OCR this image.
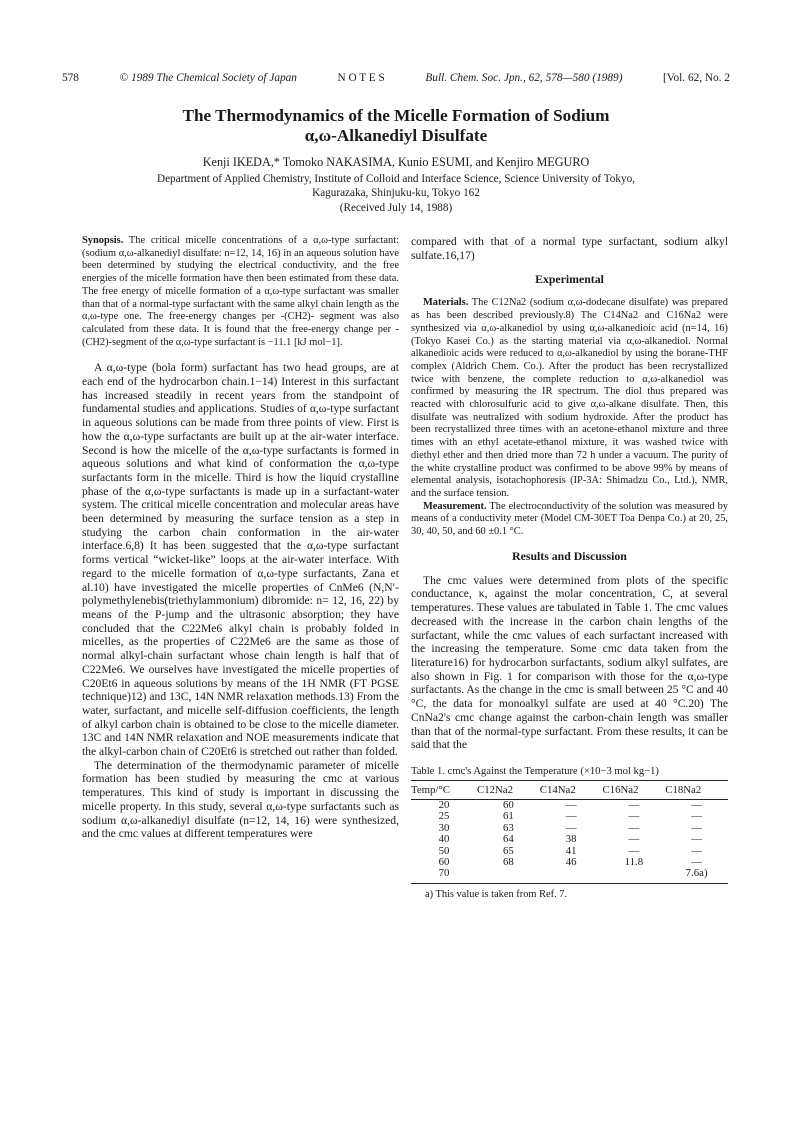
578	© 1989 The Chemical Society of Japan	N O T E S	Bull. Chem. Soc. Jpn., 62, 578—580 (1989)	[Vol. 62, No. 2
The Thermodynamics of the Micelle Formation of Sodium
α,ω-Alkanediyl Disulfate
Kenji IKEDA,* Tomoko NAKASIMA, Kunio ESUMI, and Kenjiro MEGURO
Department of Applied Chemistry, Institute of Colloid and Interface Science, Science University of Tokyo,
Kagurazaka, Shinjuku-ku, Tokyo 162
(Received July 14, 1988)

Synopsis. The critical micelle concentrations of a α,ω-type surfactant: (sodium α,ω-alkanediyl disulfate: n=12, 14, 16) in an aqueous solution have been determined by studying the electrical conductivity, and the free energies of the micelle formation have then been estimated from these data. The free energy of micelle formation of a α,ω-type surfactant was smaller than that of a normal-type surfactant with the same alkyl chain length as the α,ω-type one. The free-energy changes per -(CH2)- segment was also calculated from these data. It is found that the free-energy change per -(CH2)-segment of the α,ω-type surfactant is −11.1 [kJ mol−1].

A α,ω-type (bola form) surfactant has two head groups, are at each end of the hydrocarbon chain.1−14) Interest in this surfactant has increased steadily in recent years from the standpoint of fundamental studies and applications. Studies of α,ω-type surfactant in aqueous solutions can be made from three points of view. First is how the α,ω-type surfactants are built up at the air-water interface. Second is how the micelle of the α,ω-type surfactants is formed in aqueous solutions and what kind of conformation the α,ω-type surfactants form in the micelle. Third is how the liquid crystalline phase of the α,ω-type surfactants is made up in a surfactant-water system. The critical micelle concentration and molecular areas have been determined by measuring the surface tension as a step in studying the carbon chain conformation in the air-water interface.6,8) It has been suggested that the α,ω-type surfactant forms vertical “wicket-like” loops at the air-water interface. With regard to the micelle formation of α,ω-type surfactants, Zana et al.10) have investigated the micelle properties of CnMe6 (N,N′-polymethylenebis(triethylammonium) dibromide: n= 12, 16, 22) by means of the P-jump and the ultrasonic absorption; they have concluded that the C22Me6 alkyl chain is probably folded in micelles, as the properties of C22Me6 are the same as those of normal alkyl-chain surfactant whose chain length is half that of C22Me6. We ourselves have investigated the micelle properties of C20Et6 in aqueous solutions by means of the 1H NMR (FT PGSE technique)12) and 13C, 14N NMR relaxation methods.13) From the water, surfactant, and micelle self-diffusion coefficients, the length of alkyl carbon chain is obtained to be close to the micelle diameter. 13C and 14N NMR relaxation and NOE measurements indicate that the alkyl-carbon chain of C20Et6 is stretched out rather than folded.

The determination of the thermodynamic parameter of micelle formation has been studied by measuring the cmc at various temperatures. This kind of study is important in discussing the micelle property. In this study, several α,ω-type surfactants such as sodium α,ω-alkanediyl disulfate (n=12, 14, 16) were synthesized, and the cmc values at different temperatures were

compared with that of a normal type surfactant, sodium alkyl sulfate.16,17)

Experimental

Materials. The C12Na2 (sodium α,ω-dodecane disulfate) was prepared as has been described previously.8) The C14Na2 and C16Na2 were synthesized via α,ω-alkanediol by using α,ω-alkanedioic acid (n=14, 16) (Tokyo Kasei Co.) as the starting material via α,ω-alkanediol. Normal alkanedioic acids were reduced to α,ω-alkanediol by using the borane-THF complex (Aldrich Chem. Co.). After the product has been recrystallized twice with benzene, the complete reduction to α,ω-alkanediol was confirmed by measuring the IR spectrum. The diol thus prepared was reacted with chlorosulfuric acid to give α,ω-alkane disulfate. Then, this disulfate was neutralized with sodium hydroxide. After the product has been recrystallized three times with an acetone-ethanol mixture and three times with an ethyl acetate-ethanol mixture, it was washed twice with diethyl ether and then dried more than 72 h under a vacuum. The purity of the white crystalline product was confirmed to be above 99% by means of elemental analysis, isotachophoresis (IP-3A: Shimadzu Co., Ltd.), NMR, and the surface tension.

Measurement. The electroconductivity of the solution was measured by means of a conductivity meter (Model CM-30ET Toa Denpa Co.) at 20, 25, 30, 40, 50, and 60 ±0.1 °C.

Results and Discussion

The cmc values were determined from plots of the specific conductance, κ, against the molar concentration, C, at several temperatures. These values are tabulated in Table 1. The cmc values decreased with the increase in the carbon chain lengths of the surfactant, while the cmc values of each surfactant increased with the increasing the temperature. Some cmc data taken from the literature16) for hydrocarbon surfactants, sodium alkyl sulfates, are also shown in Fig. 1 for comparison with those for the α,ω-type surfactants. As the change in the cmc is small between 25 °C and 40 °C, the data for monoalkyl sulfate are used at 40 °C.20) The CnNa2's cmc change against the carbon-chain length was smaller than that of the normal-type surfactant. From these results, it can be said that the

Table 1. cmc's Against the Temperature (×10−3 mol kg−1)
Temp/°C	C12Na2	C14Na2	C16Na2	C18Na2
20	60	—	—	—
25	61	—	—	—
30	63	—	—	—
40	64	38	—	—
50	65	41	—	—
60	68	46	11.8	—
70				7.6a)
a) This value is taken from Ref. 7.
